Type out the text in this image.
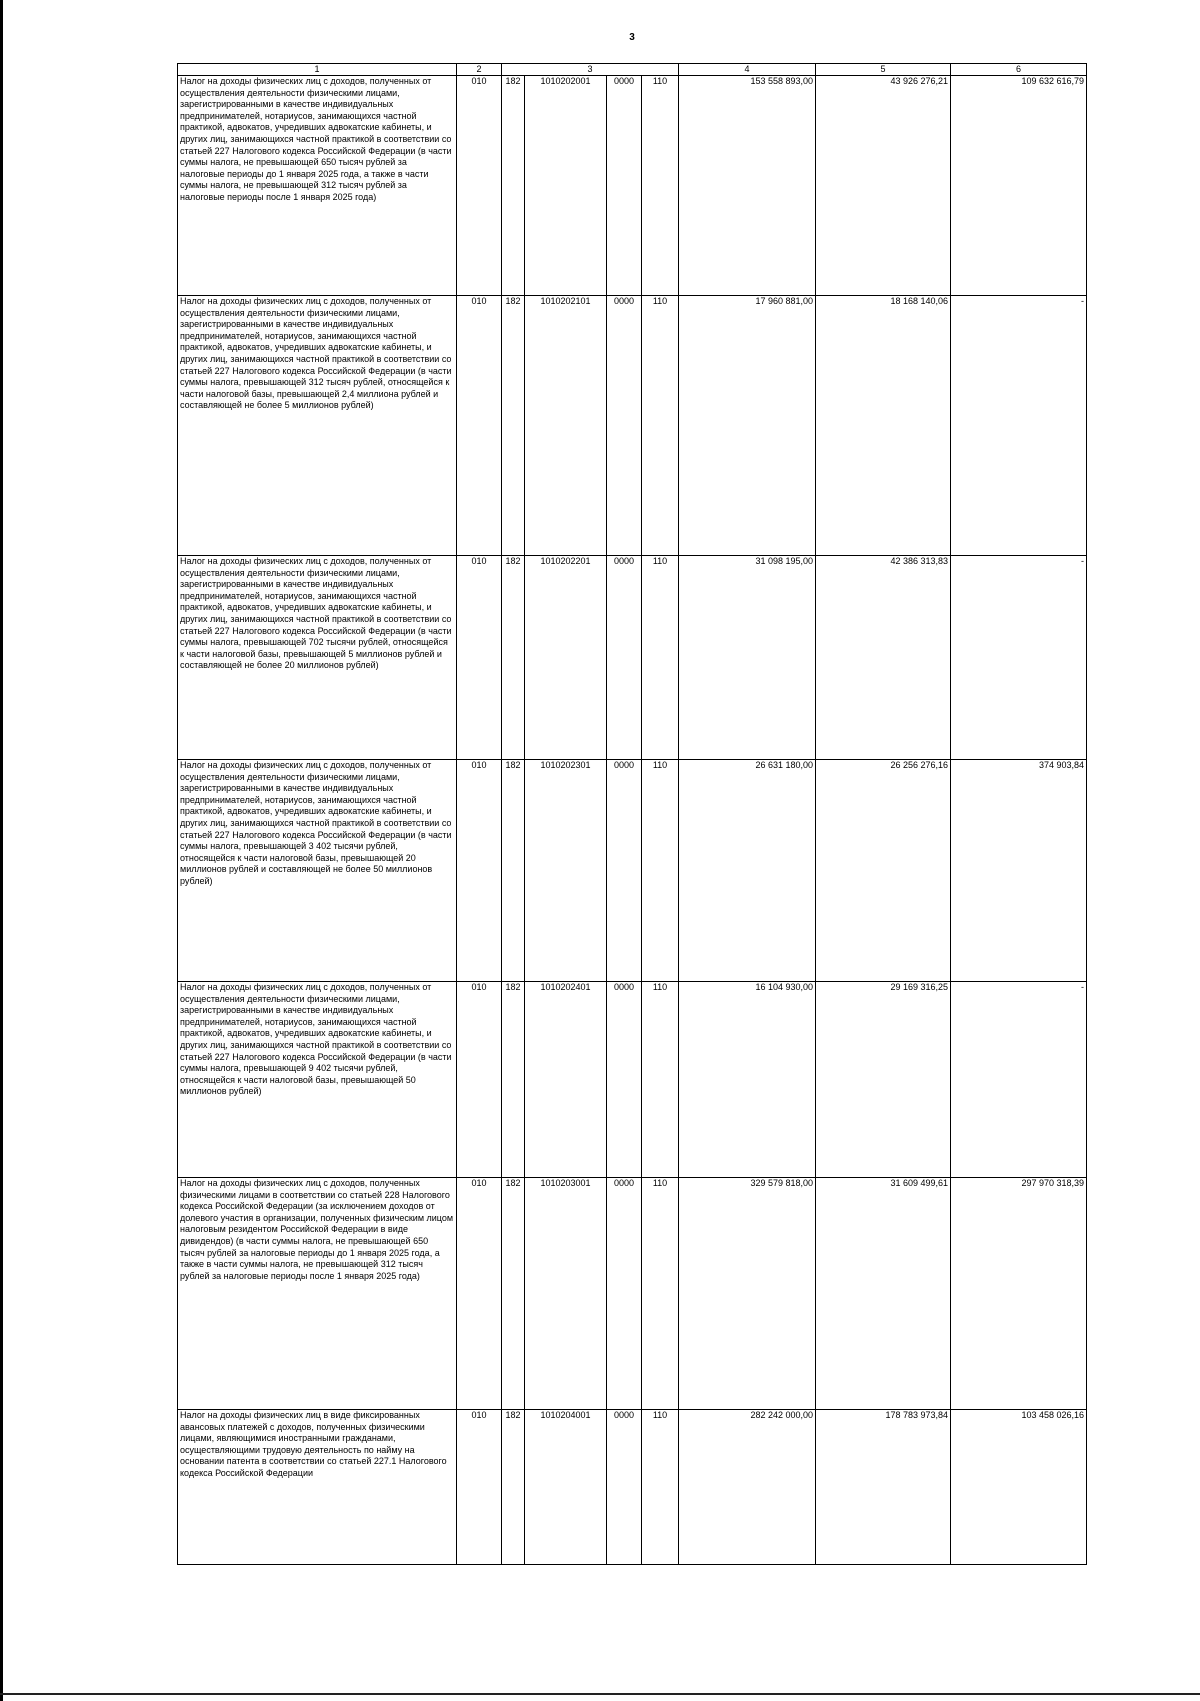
3
1	2	3				4	5	6
Налог на доходы физических лиц с доходов, полученных от осуществления деятельности физическими лицами, зарегистрированными в качестве индивидуальных предпринимателей, нотариусов, занимающихся частной практикой, адвокатов, учредивших адвокатские кабинеты, и других лиц, занимающихся частной практикой в соответствии со статьей 227 Налогового кодекса Российской Федерации (в части суммы налога, не превышающей 650 тысяч рублей за налоговые периоды до 1 января 2025 года, а также в части суммы налога, не превышающей 312 тысяч рублей за налоговые периоды после 1 января 2025 года)	010	182	1010202001	0000	110	153 558 893,00	43 926 276,21	109 632 616,79
Налог на доходы физических лиц с доходов, полученных от осуществления деятельности физическими лицами, зарегистрированными в качестве индивидуальных предпринимателей, нотариусов, занимающихся частной практикой, адвокатов, учредивших адвокатские кабинеты, и других лиц, занимающихся частной практикой в соответствии со статьей 227 Налогового кодекса Российской Федерации (в части суммы налога, превышающей 312 тысяч рублей, относящейся к части налоговой базы, превышающей 2,4 миллиона рублей и составляющей не более 5 миллионов рублей)	010	182	1010202101	0000	110	17 960 881,00	18 168 140,06	-
Налог на доходы физических лиц с доходов, полученных от осуществления деятельности физическими лицами, зарегистрированными в качестве индивидуальных предпринимателей, нотариусов, занимающихся частной практикой, адвокатов, учредивших адвокатские кабинеты, и других лиц, занимающихся частной практикой в соответствии со статьей 227 Налогового кодекса Российской Федерации (в части суммы налога, превышающей 702 тысячи рублей, относящейся к части налоговой базы, превышающей 5 миллионов рублей и составляющей не более 20 миллионов рублей)	010	182	1010202201	0000	110	31 098 195,00	42 386 313,83	-
Налог на доходы физических лиц с доходов, полученных от осуществления деятельности физическими лицами, зарегистрированными в качестве индивидуальных предпринимателей, нотариусов, занимающихся частной практикой, адвокатов, учредивших адвокатские кабинеты, и других лиц, занимающихся частной практикой в соответствии со статьей 227 Налогового кодекса Российской Федерации (в части суммы налога, превышающей 3 402 тысячи рублей, относящейся к части налоговой базы, превышающей 20 миллионов рублей и составляющей не более 50 миллионов рублей)	010	182	1010202301	0000	110	26 631 180,00	26 256 276,16	374 903,84
Налог на доходы физических лиц с доходов, полученных от осуществления деятельности физическими лицами, зарегистрированными в качестве индивидуальных предпринимателей, нотариусов, занимающихся частной практикой, адвокатов, учредивших адвокатские кабинеты, и других лиц, занимающихся частной практикой в соответствии со статьей 227 Налогового кодекса Российской Федерации (в части суммы налога, превышающей 9 402 тысячи рублей, относящейся к части налоговой базы, превышающей 50 миллионов рублей)	010	182	1010202401	0000	110	16 104 930,00	29 169 316,25	-
Налог на доходы физических лиц с доходов, полученных физическими лицами в соответствии со статьей 228 Налогового кодекса Российской Федерации (за исключением доходов от долевого участия в организации, полученных физическим лицом налоговым резидентом Российской Федерации в виде дивидендов) (в части суммы налога, не превышающей 650 тысяч рублей за налоговые периоды до 1 января 2025 года, а также в части суммы налога, не превышающей 312 тысяч рублей за налоговые периоды после 1 января 2025 года)	010	182	1010203001	0000	110	329 579 818,00	31 609 499,61	297 970 318,39
Налог на доходы физических лиц в виде фиксированных авансовых платежей с доходов, полученных физическими лицами, являющимися иностранными гражданами, осуществляющими трудовую деятельность по найму на основании патента в соответствии со статьей 227.1 Налогового кодекса Российской Федерации	010	182	1010204001	0000	110	282 242 000,00	178 783 973,84	103 458 026,16
